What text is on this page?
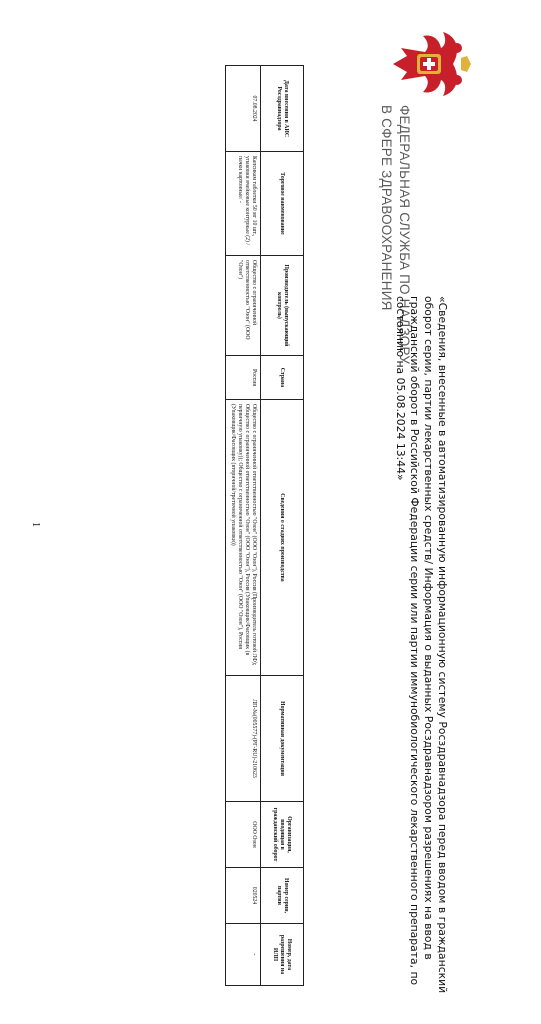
ФЕДЕРАЛЬНАЯ СЛУЖБА ПО НАДЗОРУ
В СФЕРЕ ЗДРАВООХРАНЕНИЯ
«Сведения, внесенные в автоматизированную информационную систему Росздравнадзора перед вводом в гражданский оборот серии, партии лекарственных средств/ Информация о выданных Росздравнадзором разрешениях на ввод в гражданский оборот в Российской Федерации серии или партии иммунобиологического лекарственного препарата, по состоянию на 05.08.2024 13:44»
Дата внесения в АИС Росздравнадзора	Торговое наименование	Производитель (выпускающий контроль)	Страна	Сведения о стадиях производства	Нормативная документация	Организация, вводящая в гражданский оборот	Номер серии, партии	Номер, дата разрешения на ИЛП
07.08.2024	Капсикам таблетки 50 мг 10 шт., упаковки ячейковые контурные (2) /пачки картонные/ -	Общество с ограниченной ответственностью "Озон" (ООО "Озон")	Россия	Общество с ограниченной ответственностью "Озон" (ООО "Озон"), Россия (Производитель готовой ЛФ); Общество с ограниченной ответственностью "Озон" (ООО "Озон"), Россия (Упаковщик/Фасовщик (в первичную упаковку)); Общество с ограниченной ответственностью "Озон" (ООО "Озон"), Россия (Упаковщик/Фасовщик (вторичной/третичной упаковки))	ЛП-№(005577)-(РГ-RU)-210623	ООО Озон	020524	-
1
